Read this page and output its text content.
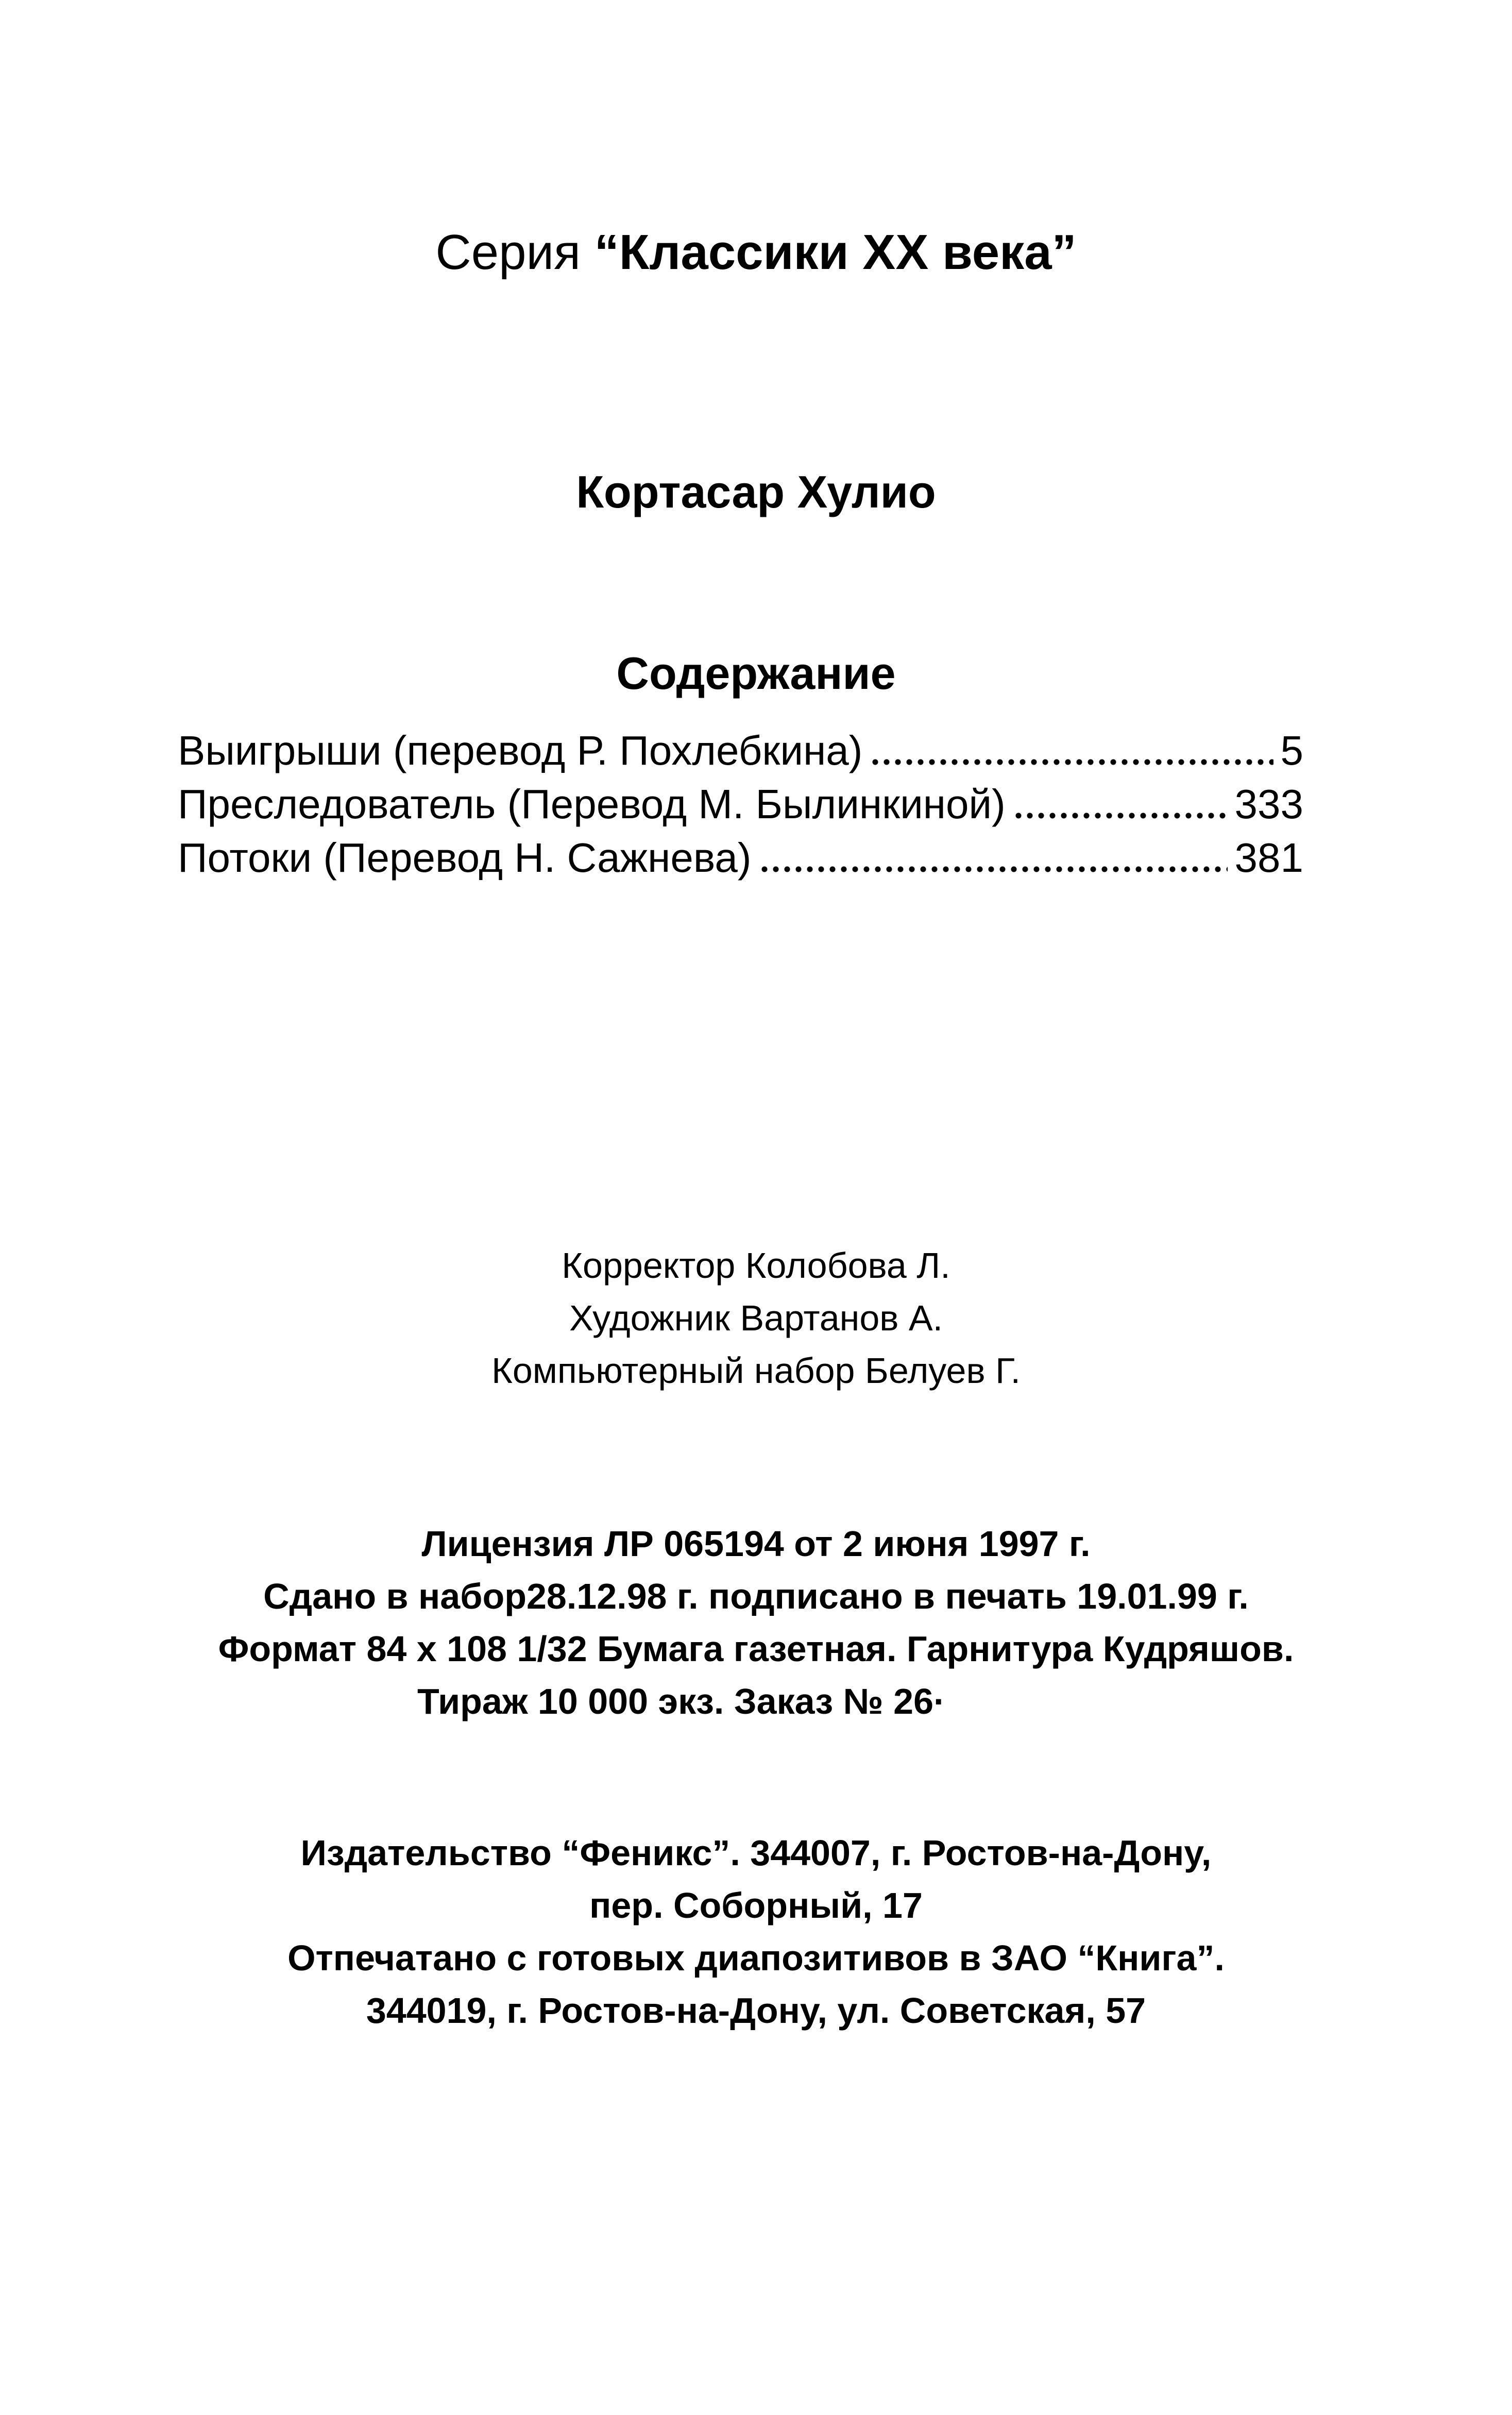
Серия “Классики XX века”
Кортасар Хулио
Содержание
Выигрыши (перевод Р. Похлебкина)	5
Преследователь (Перевод М. Былинкиной)	333
Потоки (Перевод Н. Сажнева)	381
Корректор Колобова Л.
Художник Вартанов А.
Компьютерный набор Белуев Г.
Лицензия ЛР 065194 от 2 июня 1997 г.
Сдано в набор28.12.98 г. подписано в печать 19.01.99 г.
Формат 84 х 108 1/32 Бумага газетная. Гарнитура Кудряшов.
Тираж 10 000 экз. Заказ № 26·
Издательство “Феникс”. 344007, г. Ростов-на-Дону,
пер. Соборный, 17
Отпечатано с готовых диапозитивов в ЗАО “Книга”.
344019, г. Ростов-на-Дону, ул. Советская, 57
